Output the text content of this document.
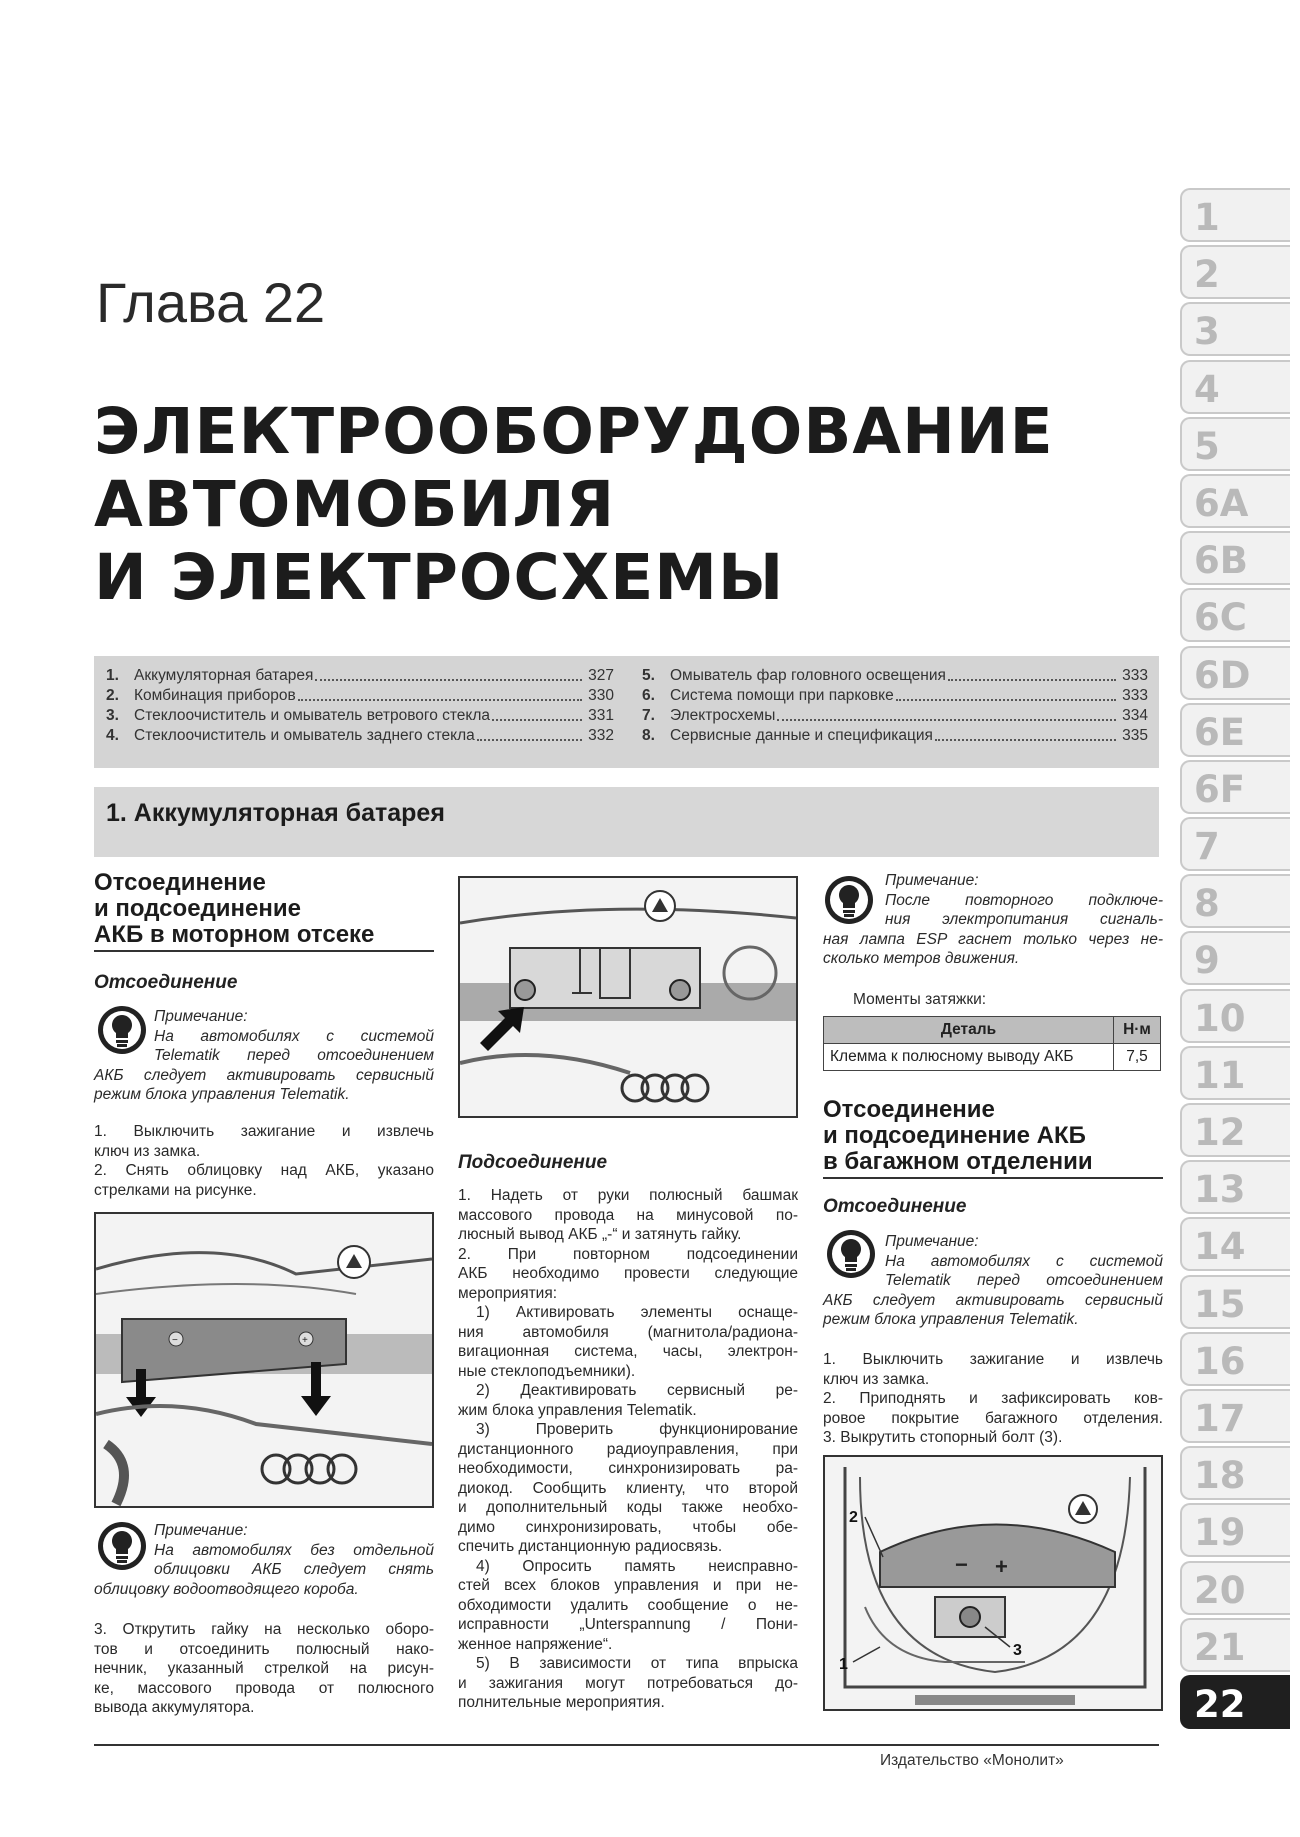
Глава 22
ЭЛЕКТРООБОРУДОВАНИЕ
АВТОМОБИЛЯ
И ЭЛЕКТРОСХЕМЫ
1. Аккумуляторная батарея	327
2. Комбинация приборов	330
3. Стеклоочиститель и омыватель ветрового стекла	331
4. Стеклоочиститель и омыватель заднего стекла	332
5. Омыватель фар головного освещения	333
6. Система помощи при парковке	333
7. Электросхемы	334
8. Сервисные данные и спецификация	335
1. Аккумуляторная батарея
1
2
3
4
5
6A
6B
6C
6D
6E
6F
7
8
9
10
11
12
13
14
15
16
17
18
19
20
21
22
Отсоединение
и подсоединение
АКБ в моторном отсеке
Отсоединение
Примечание:
На автомобилях с системой
Telematik перед отсоединением
АКБ следует активировать сервисный
режим блока управления Telematik.
1. Выключить зажигание и извлечь
ключ из замка.
2. Снять облицовку над АКБ, указано
стрелками на рисунке.
−	+
Примечание:
На автомобилях без отдельной
облицовки АКБ следует снять
облицовку водоотводящего короба.
3. Открутить гайку на несколько оборо-
тов и отсоединить полюсный нако-
нечник, указанный стрелкой на рисун-
ке, массового провода от полюсного
вывода аккумулятора.
Подсоединение
1. Надеть от руки полюсный башмак
массового провода на минусовой по-
люсный вывод АКБ „-“ и затянуть гайку.
2. При повторном подсоединении
АКБ необходимо провести следующие
мероприятия:
1) Активировать элементы оснаще-
ния автомобиля (магнитола/радиона-
вигационная система, часы, электрон-
ные стеклоподъемники).
2) Деактивировать сервисный ре-
жим блока управления Telematik.
3) Проверить функционирование
дистанционного радиоуправления, при
необходимости, синхронизировать ра-
диокод. Сообщить клиенту, что второй
и дополнительный коды также необхо-
димо синхронизировать, чтобы обе-
спечить дистанционную радиосвязь.
4) Опросить память неисправно-
стей всех блоков управления и при не-
обходимости удалить сообщение о не-
исправности „Unterspannung / Пони-
женное напряжение“.
5) В зависимости от типа впрыска
и зажигания могут потребоваться до-
полнительные мероприятия.
Примечание:
После повторного подключе-
ния электропитания сигналь-
ная лампа ESP гаснет только через не-
сколько метров движения.
Моменты затяжки:
Деталь	Н·м
Клемма к полюсному выводу АКБ	7,5
Отсоединение
и подсоединение АКБ
в багажном отделении
Отсоединение
Примечание:
На автомобилях с системой
Telematik перед отсоединением
АКБ следует активировать сервисный
режим блока управления Telematik.
1. Выключить зажигание и извлечь
ключ из замка.
2. Приподнять и зафиксировать ков-
ровое покрытие багажного отделения.
3. Выкрутить стопорный болт (3).
− +
2
1
3
Издательство «Монолит»
